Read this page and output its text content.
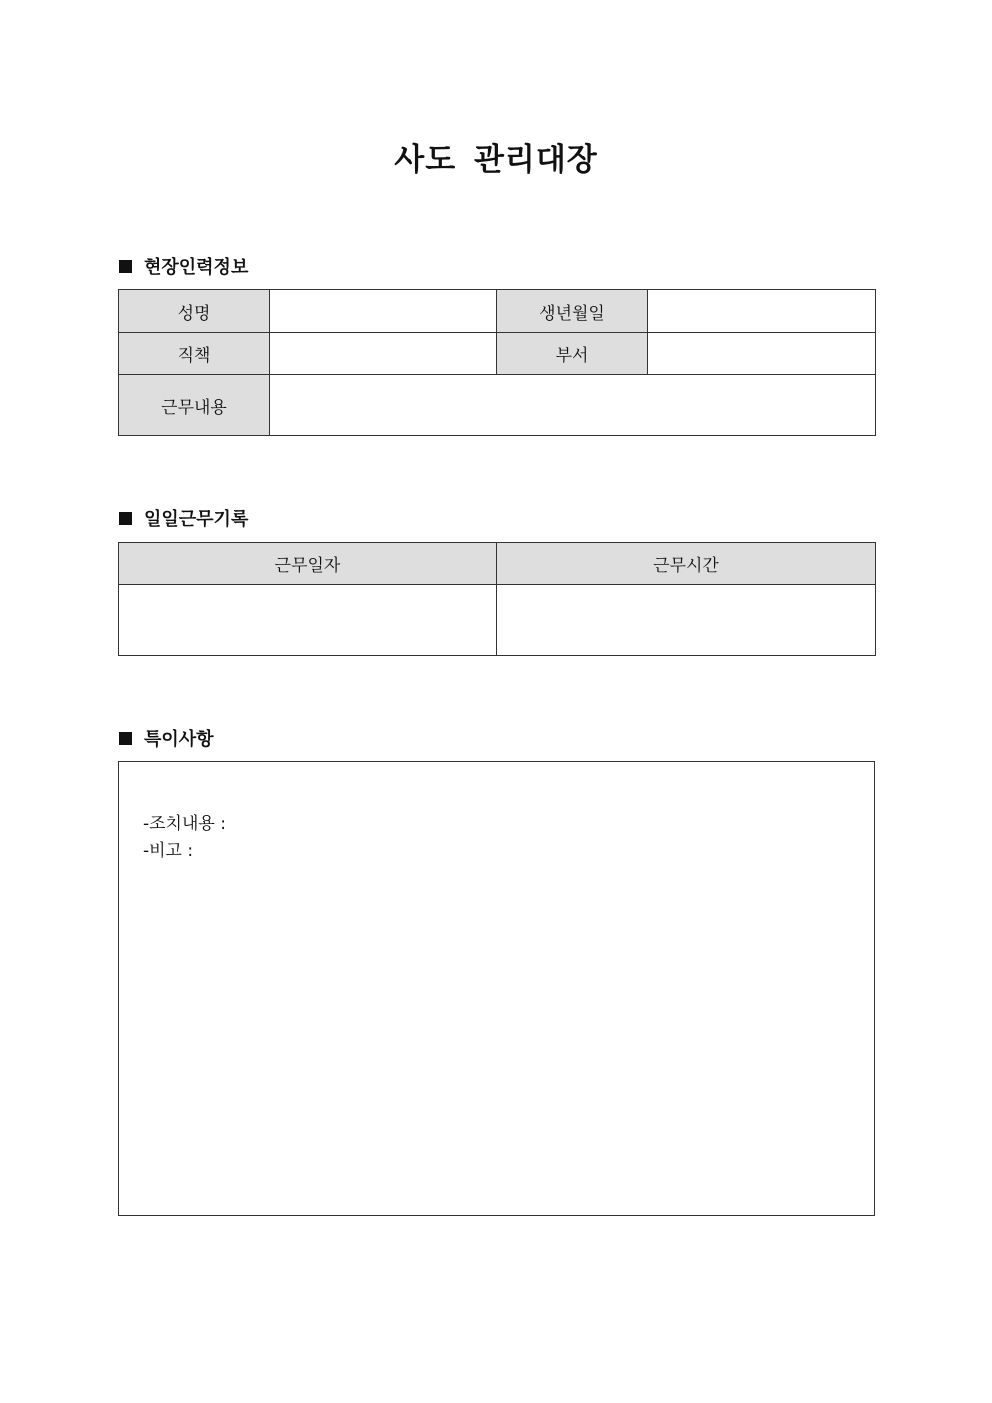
사도 관리대장
현장인력정보
성명		생년월일	
직책		부서	
근무내용			
일일근무기록
근무일자	근무시간

특이사항
-조치내용 :
-비고 :
